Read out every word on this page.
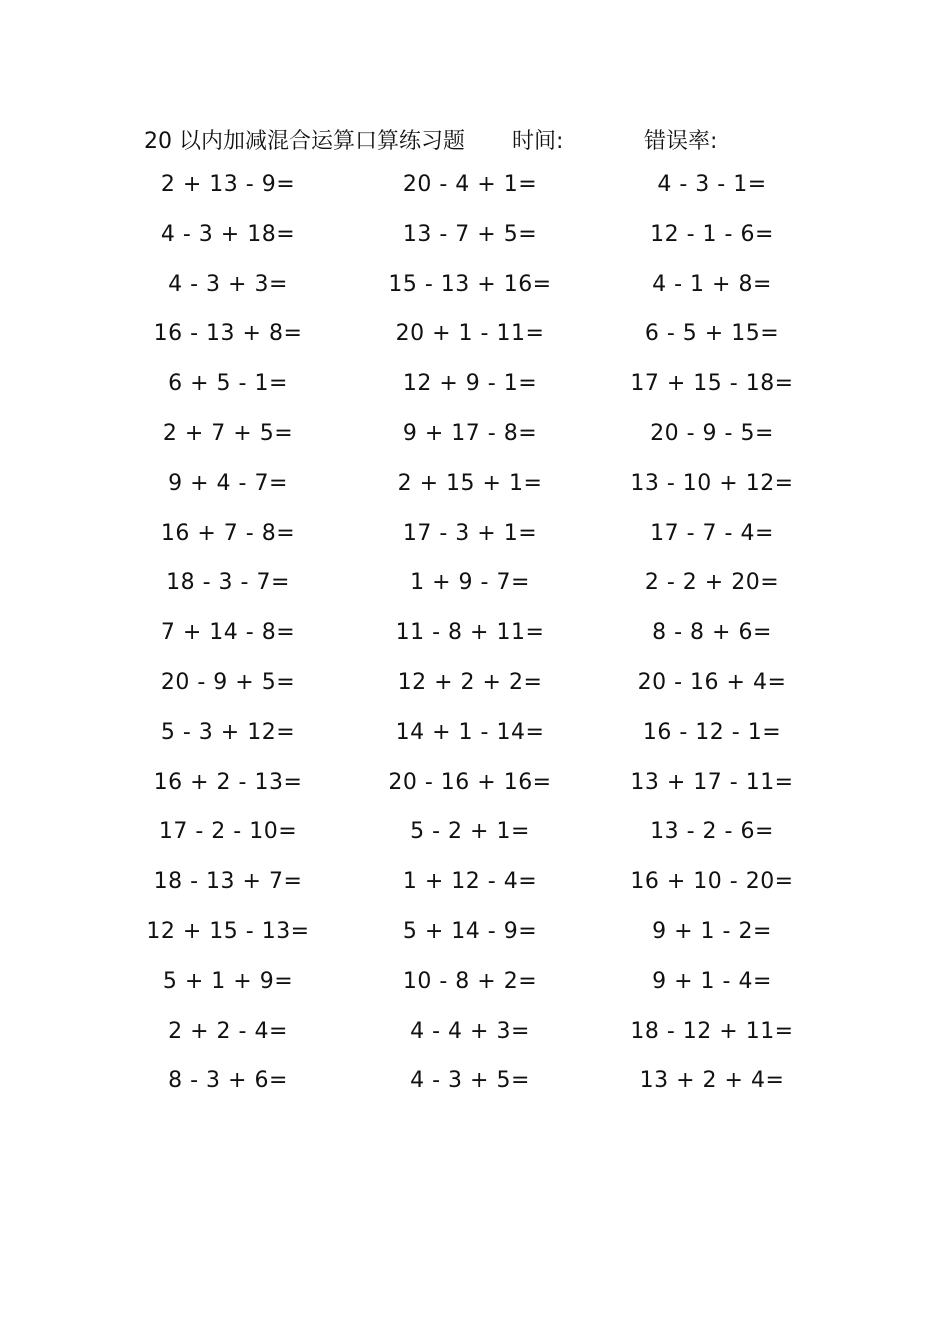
20 以内加减混合运算口算练习题 时间:	错误率:
2 + 13 - 9=	20 - 4 + 1=	4 - 3 - 1=
4 - 3 + 18=	13 - 7 + 5=	12 - 1 - 6=
4 - 3 + 3=	15 - 13 + 16=	4 - 1 + 8=
16 - 13 + 8=	20 + 1 - 11=	6 - 5 + 15=
6 + 5 - 1=	12 + 9 - 1=	17 + 15 - 18=
2 + 7 + 5=	9 + 17 - 8=	20 - 9 - 5=
9 + 4 - 7=	2 + 15 + 1=	13 - 10 + 12=
16 + 7 - 8=	17 - 3 + 1=	17 - 7 - 4=
18 - 3 - 7=	1 + 9 - 7=	2 - 2 + 20=
7 + 14 - 8=	11 - 8 + 11=	8 - 8 + 6=
20 - 9 + 5=	12 + 2 + 2=	20 - 16 + 4=
5 - 3 + 12=	14 + 1 - 14=	16 - 12 - 1=
16 + 2 - 13=	20 - 16 + 16=	13 + 17 - 11=
17 - 2 - 10=	5 - 2 + 1=	13 - 2 - 6=
18 - 13 + 7=	1 + 12 - 4=	16 + 10 - 20=
12 + 15 - 13=	5 + 14 - 9=	9 + 1 - 2=
5 + 1 + 9=	10 - 8 + 2=	9 + 1 - 4=
2 + 2 - 4=	4 - 4 + 3=	18 - 12 + 11=
8 - 3 + 6=	4 - 3 + 5=	13 + 2 + 4=
